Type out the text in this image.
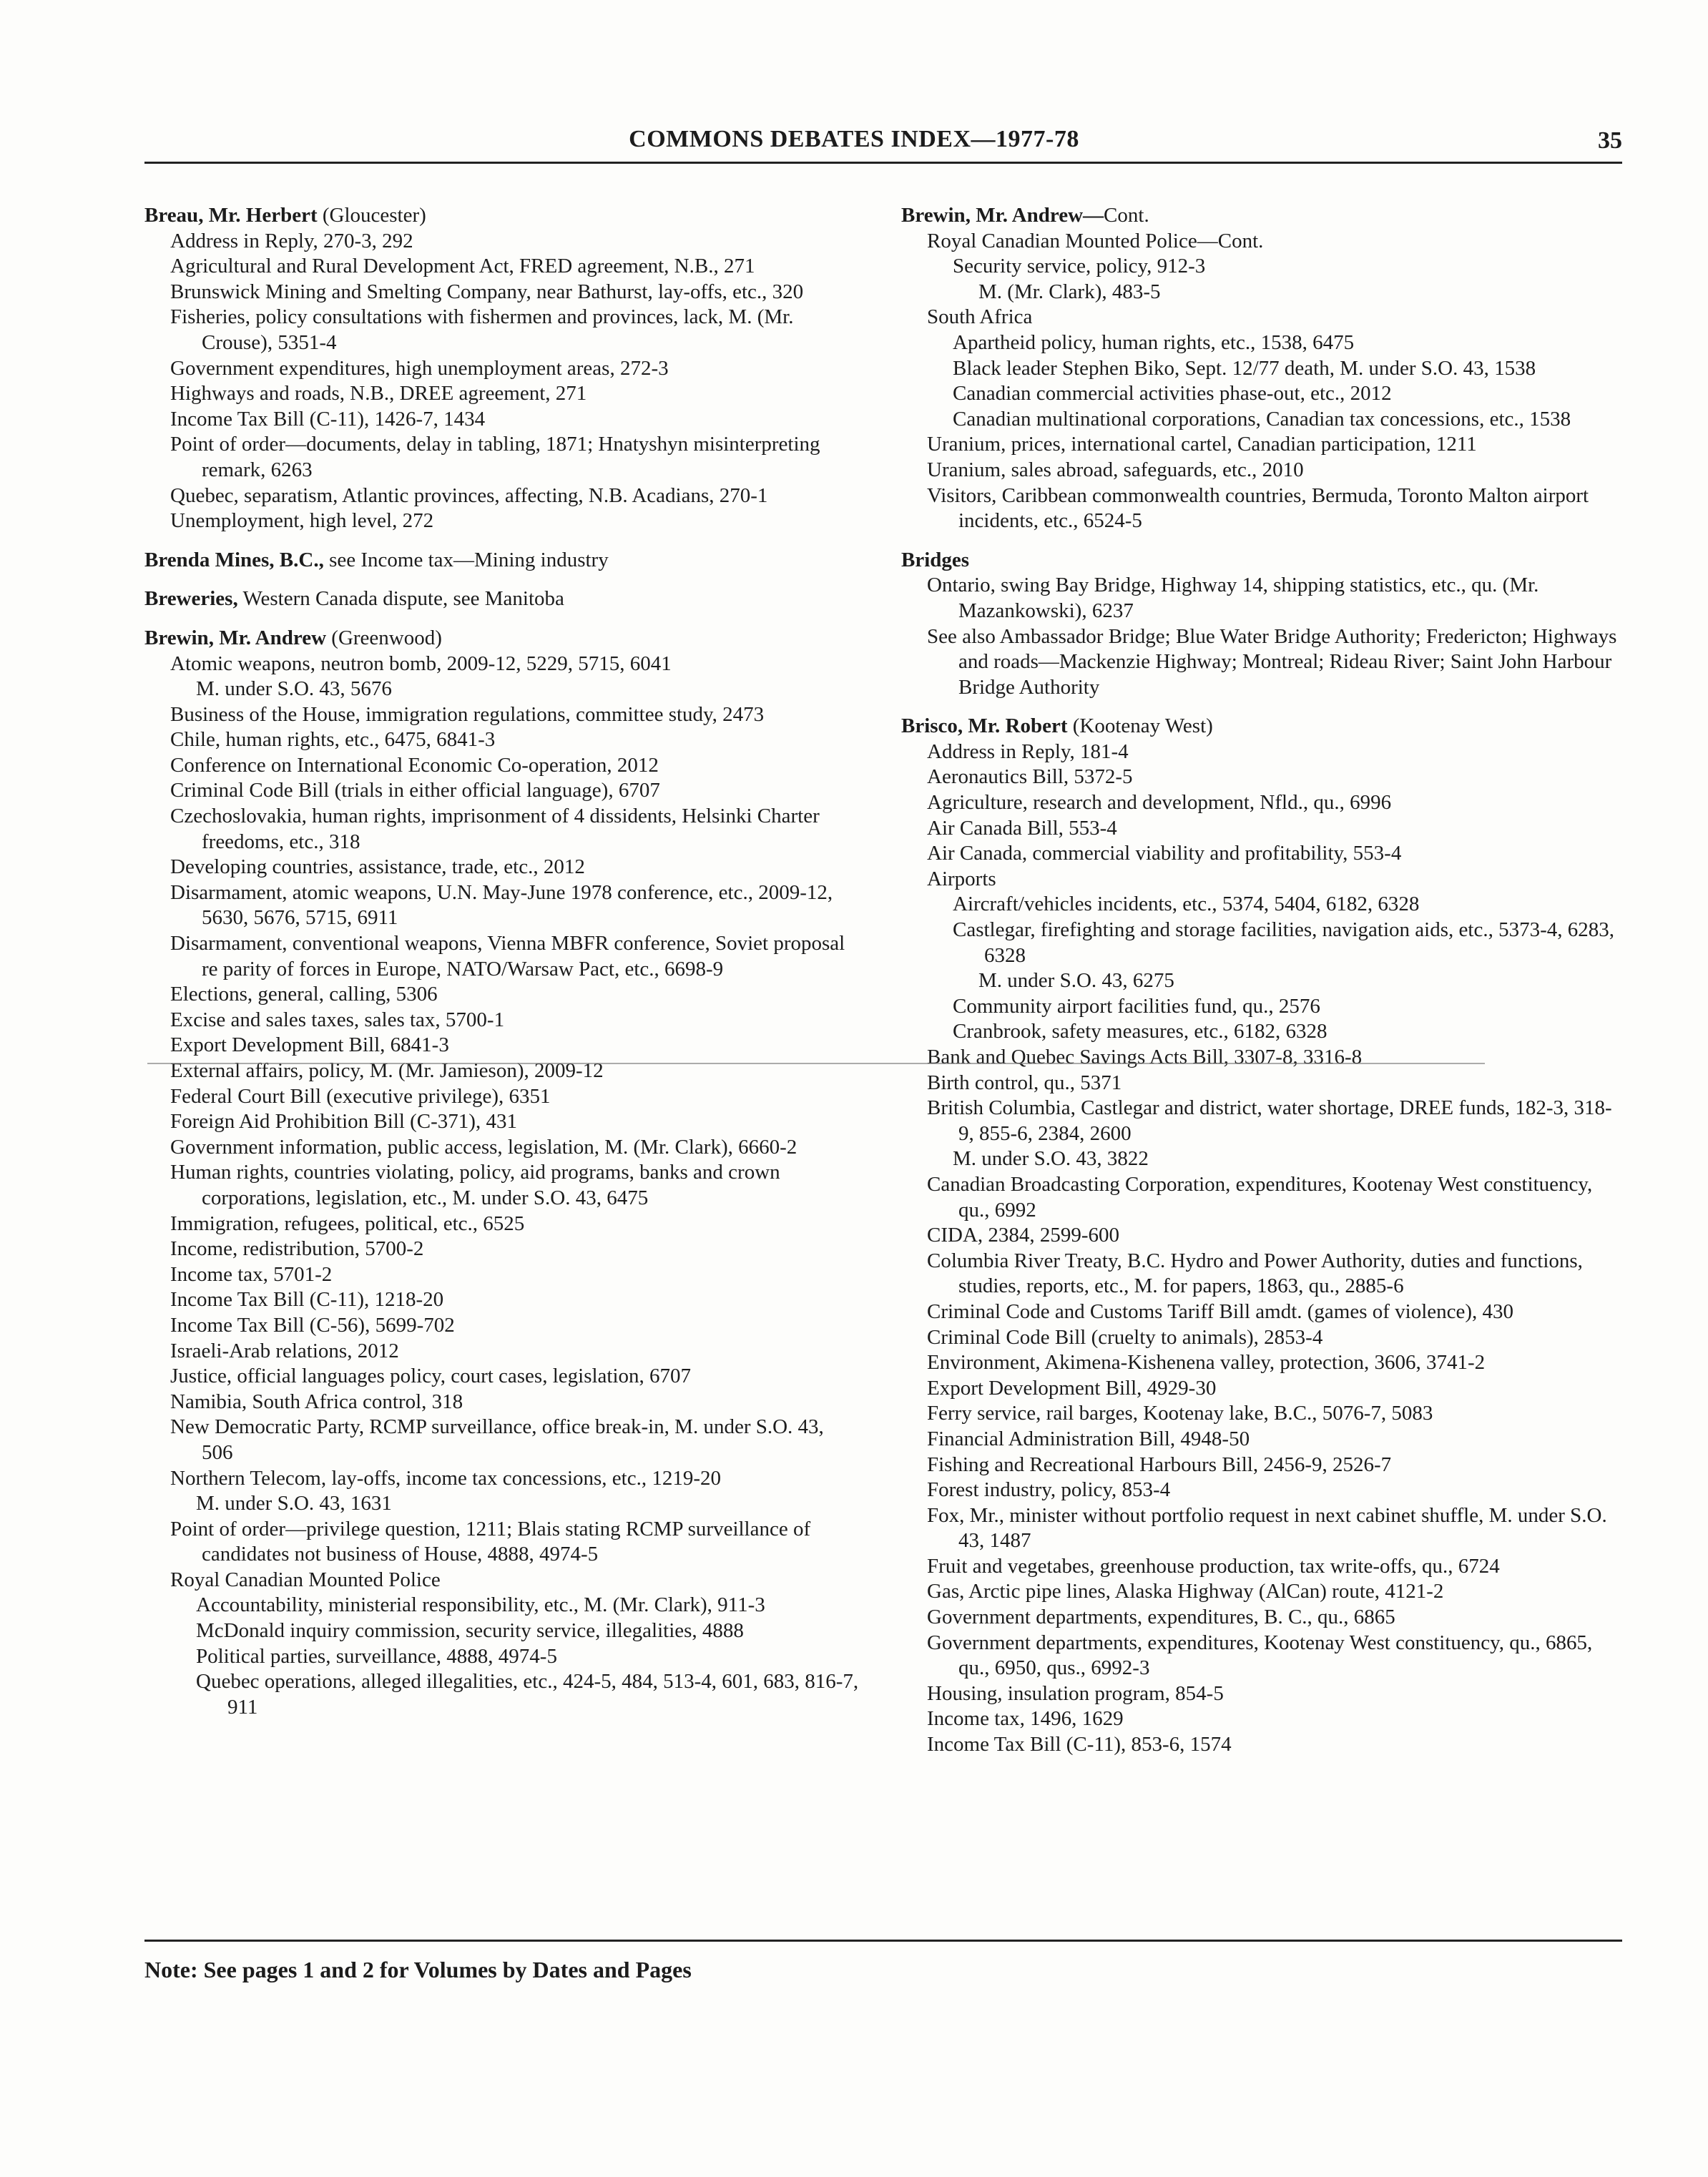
COMMONS DEBATES INDEX—1977-78	35

Breau, Mr. Herbert (Gloucester)

Address in Reply, 270-3, 292

Agricultural and Rural Development Act, FRED agreement, N.B., 271

Brunswick Mining and Smelting Company, near Bathurst, lay-offs, etc., 320

Fisheries, policy consultations with fishermen and provinces, lack, M. (Mr. Crouse), 5351-4

Government expenditures, high unemployment areas, 272-3

Highways and roads, N.B., DREE agreement, 271

Income Tax Bill (C-11), 1426-7, 1434

Point of order—documents, delay in tabling, 1871; Hnatyshyn misinterpreting remark, 6263

Quebec, separatism, Atlantic provinces, affecting, N.B. Acadians, 270-1

Unemployment, high level, 272

Brenda Mines, B.C., see Income tax—Mining industry

Breweries, Western Canada dispute, see Manitoba

Brewin, Mr. Andrew (Greenwood)

Atomic weapons, neutron bomb, 2009-12, 5229, 5715, 6041

M. under S.O. 43, 5676

Business of the House, immigration regulations, committee study, 2473

Chile, human rights, etc., 6475, 6841-3

Conference on International Economic Co-operation, 2012

Criminal Code Bill (trials in either official language), 6707

Czechoslovakia, human rights, imprisonment of 4 dissidents, Helsinki Charter freedoms, etc., 318

Developing countries, assistance, trade, etc., 2012

Disarmament, atomic weapons, U.N. May-June 1978 conference, etc., 2009-12, 5630, 5676, 5715, 6911

Disarmament, conventional weapons, Vienna MBFR conference, Soviet proposal re parity of forces in Europe, NATO/Warsaw Pact, etc., 6698-9

Elections, general, calling, 5306

Excise and sales taxes, sales tax, 5700-1

Export Development Bill, 6841-3

External affairs, policy, M. (Mr. Jamieson), 2009-12

Federal Court Bill (executive privilege), 6351

Foreign Aid Prohibition Bill (C-371), 431

Government information, public access, legislation, M. (Mr. Clark), 6660-2

Human rights, countries violating, policy, aid programs, banks and crown corporations, legislation, etc., M. under S.O. 43, 6475

Immigration, refugees, political, etc., 6525

Income, redistribution, 5700-2

Income tax, 5701-2

Income Tax Bill (C-11), 1218-20

Income Tax Bill (C-56), 5699-702

Israeli-Arab relations, 2012

Justice, official languages policy, court cases, legislation, 6707

Namibia, South Africa control, 318

New Democratic Party, RCMP surveillance, office break-in, M. under S.O. 43, 506

Northern Telecom, lay-offs, income tax concessions, etc., 1219-20

M. under S.O. 43, 1631

Point of order—privilege question, 1211; Blais stating RCMP surveillance of candidates not business of House, 4888, 4974-5

Royal Canadian Mounted Police

Accountability, ministerial responsibility, etc., M. (Mr. Clark), 911-3

McDonald inquiry commission, security service, illegalities, 4888

Political parties, surveillance, 4888, 4974-5

Quebec operations, alleged illegalities, etc., 424-5, 484, 513-4, 601, 683, 816-7, 911

Brewin, Mr. Andrew—Cont.

Royal Canadian Mounted Police—Cont.

Security service, policy, 912-3

M. (Mr. Clark), 483-5

South Africa

Apartheid policy, human rights, etc., 1538, 6475

Black leader Stephen Biko, Sept. 12/77 death, M. under S.O. 43, 1538

Canadian commercial activities phase-out, etc., 2012

Canadian multinational corporations, Canadian tax concessions, etc., 1538

Uranium, prices, international cartel, Canadian participation, 1211

Uranium, sales abroad, safeguards, etc., 2010

Visitors, Caribbean commonwealth countries, Bermuda, Toronto Malton airport incidents, etc., 6524-5

Bridges

Ontario, swing Bay Bridge, Highway 14, shipping statistics, etc., qu. (Mr. Mazankowski), 6237

See also Ambassador Bridge; Blue Water Bridge Authority; Fredericton; Highways and roads—Mackenzie Highway; Montreal; Rideau River; Saint John Harbour Bridge Authority

Brisco, Mr. Robert (Kootenay West)

Address in Reply, 181-4

Aeronautics Bill, 5372-5

Agriculture, research and development, Nfld., qu., 6996

Air Canada Bill, 553-4

Air Canada, commercial viability and profitability, 553-4

Airports

Aircraft/vehicles incidents, etc., 5374, 5404, 6182, 6328

Castlegar, firefighting and storage facilities, navigation aids, etc., 5373-4, 6283, 6328

M. under S.O. 43, 6275

Community airport facilities fund, qu., 2576

Cranbrook, safety measures, etc., 6182, 6328

Bank and Quebec Savings Acts Bill, 3307-8, 3316-8

Birth control, qu., 5371

British Columbia, Castlegar and district, water shortage, DREE funds, 182-3, 318-9, 855-6, 2384, 2600

M. under S.O. 43, 3822

Canadian Broadcasting Corporation, expenditures, Kootenay West constituency, qu., 6992

CIDA, 2384, 2599-600

Columbia River Treaty, B.C. Hydro and Power Authority, duties and functions, studies, reports, etc., M. for papers, 1863, qu., 2885-6

Criminal Code and Customs Tariff Bill amdt. (games of violence), 430

Criminal Code Bill (cruelty to animals), 2853-4

Environment, Akimena-Kishenena valley, protection, 3606, 3741-2

Export Development Bill, 4929-30

Ferry service, rail barges, Kootenay lake, B.C., 5076-7, 5083

Financial Administration Bill, 4948-50

Fishing and Recreational Harbours Bill, 2456-9, 2526-7

Forest industry, policy, 853-4

Fox, Mr., minister without portfolio request in next cabinet shuffle, M. under S.O. 43, 1487

Fruit and vegetabes, greenhouse production, tax write-offs, qu., 6724

Gas, Arctic pipe lines, Alaska Highway (AlCan) route, 4121-2

Government departments, expenditures, B. C., qu., 6865

Government departments, expenditures, Kootenay West constituency, qu., 6865, qu., 6950, qus., 6992-3

Housing, insulation program, 854-5

Income tax, 1496, 1629

Income Tax Bill (C-11), 853-6, 1574

Note: See pages 1 and 2 for Volumes by Dates and Pages
